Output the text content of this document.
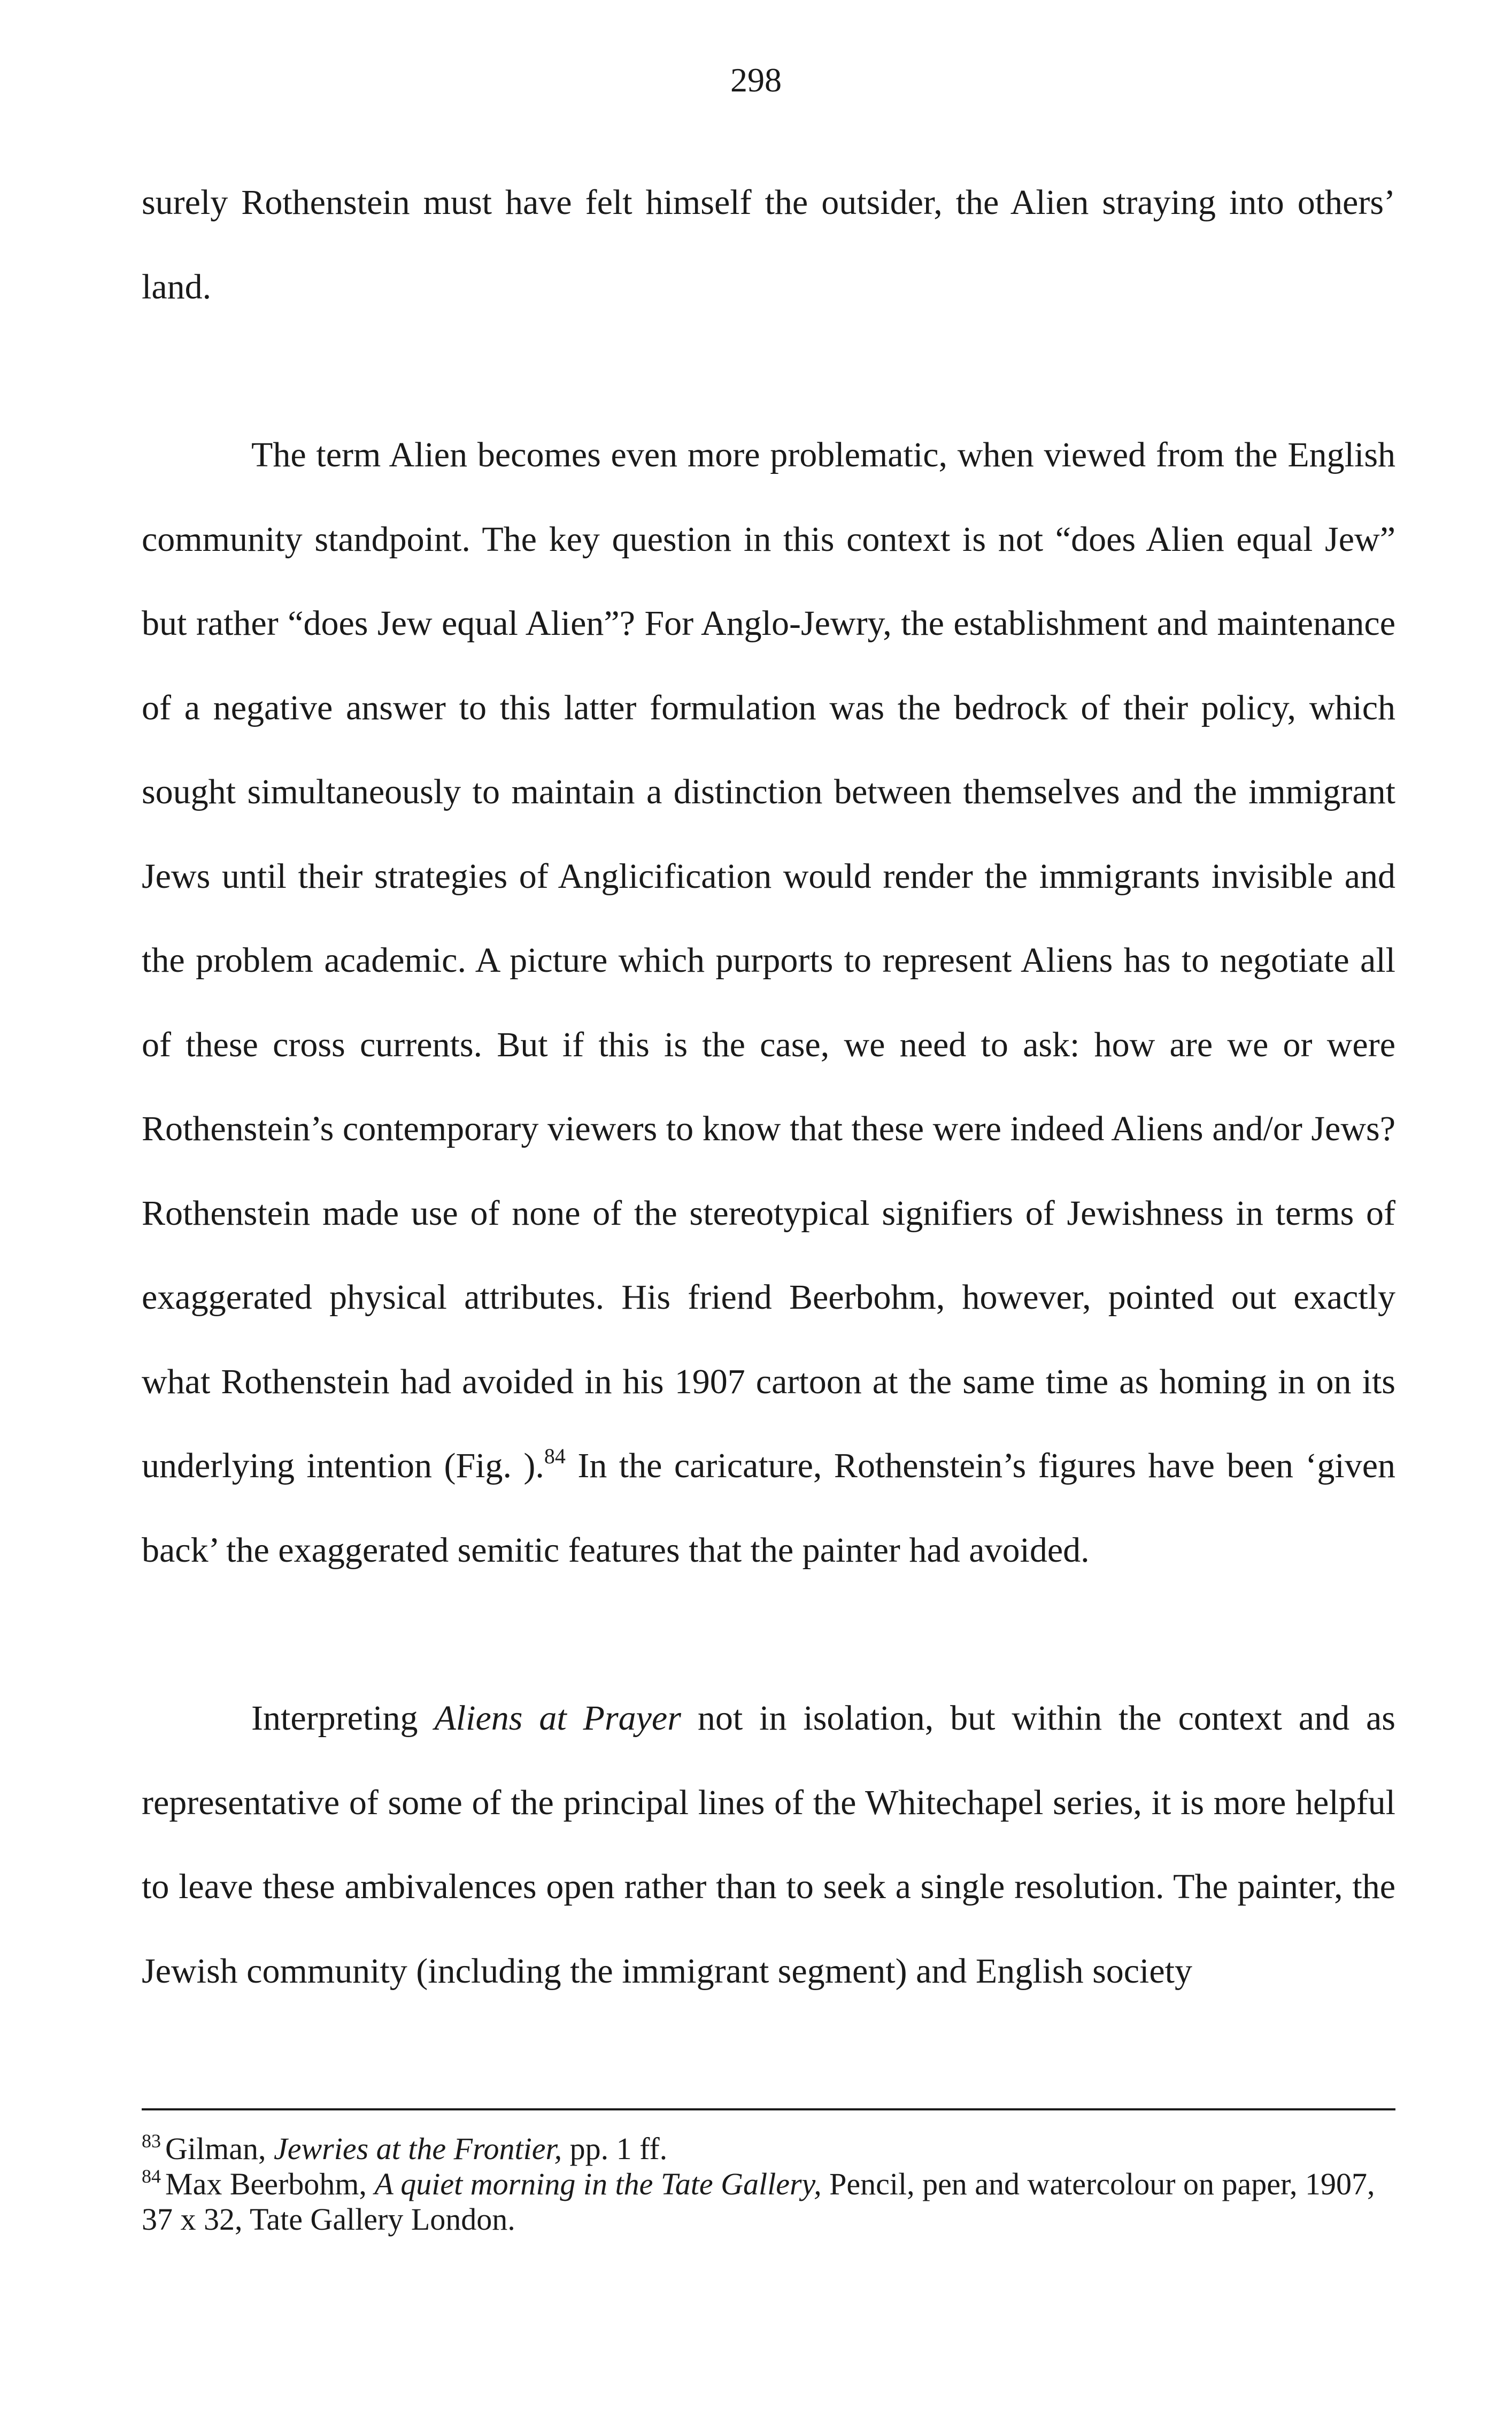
298

surely Rothenstein must have felt himself the outsider, the Alien straying into others’ land.

The term Alien becomes even more problematic, when viewed from the English community standpoint. The key question in this context is not “does Alien equal Jew” but rather “does Jew equal Alien”? For Anglo-Jewry, the establishment and maintenance of a negative answer to this latter formulation was the bedrock of their policy, which sought simultaneously to maintain a distinction between themselves and the immigrant Jews until their strategies of Anglicification would render the immigrants invisible and the problem academic. A picture which purports to represent Aliens has to negotiate all of these cross currents. But if this is the case, we need to ask: how are we or were Rothenstein’s contemporary viewers to know that these were indeed Aliens and/or Jews? Rothenstein made use of none of the stereotypical signifiers of Jewishness in terms of exaggerated physical attributes. His friend Beerbohm, however, pointed out exactly what Rothenstein had avoided in his 1907 cartoon at the same time as homing in on its underlying intention (Fig. ).$^{84}$ In the caricature, Rothenstein’s figures have been ‘given back’ the exaggerated semitic features that the painter had avoided.

Interpreting Aliens at Prayer not in isolation, but within the context and as representative of some of the principal lines of the Whitechapel series, it is more helpful to leave these ambivalences open rather than to seek a single resolution. The painter, the Jewish community (including the immigrant segment) and English society

$^{83}$ Gilman, Jewries at the Frontier, pp. 1 ff.

$^{84}$ Max Beerbohm, A quiet morning in the Tate Gallery, Pencil, pen and watercolour on paper, 1907, 37 x 32, Tate Gallery London.
